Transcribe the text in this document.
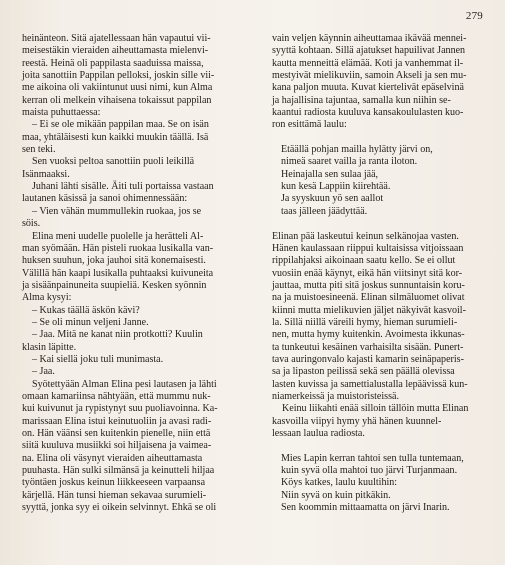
279
heinänteon. Sitä ajatellessaan hän vapautui vii-
meisestäkin vieraiden aiheuttamasta mielenvi-
reestä. Heinä oli pappilasta saaduissa maissa,
joita sanottiin Pappilan pelloksi, joskin sille vii-
me aikoina oli vakiintunut uusi nimi, kun Alma
kerran oli melkein vihaisena tokaissut pappilan
maista puhuttaessa:
– Ei se ole mikään pappilan maa. Se on isän
maa, yhtäläisesti kun kaikki muukin täällä. Isä
sen teki.
Sen vuoksi peltoa sanottiin puoli leikillä
Isänmaaksi.
Juhani lähti sisälle. Äiti tuli portaissa vastaan
lautanen käsissä ja sanoi ohimennessään:
– Vien vähän mummullekin ruokaa, jos se
söis.
Elina meni uudelle puolelle ja herätteli Al-
man syömään. Hän pisteli ruokaa lusikalla van-
huksen suuhun, joka jauhoi sitä konemaisesti.
Välillä hän kaapi lusikalla puhtaaksi kuivuneita
ja sisäänpainuneita suupieliä. Kesken syönnin
Alma kysyi:
– Kukas täällä äskön kävi?
– Se oli minun veljeni Janne.
– Jaa. Mitä ne kanat niin protkotti? Kuulin
klasin läpitte.
– Kai siellä joku tuli munimasta.
– Jaa.
Syötettyään Alman Elina pesi lautasen ja lähti
omaan kamariinsa nähtyään, että mummu nuk-
kui kuivunut ja rypistynyt suu puoliavoinna. Ka-
marissaan Elina istui keinutuoliin ja avasi radi-
on. Hän väänsi sen kuitenkin pienelle, niin että
siitä kuuluva musiikki soi hiljaisena ja vaimea-
na. Elina oli väsynyt vieraiden aiheuttamasta
puuhasta. Hän sulki silmänsä ja keinutteli hiljaa
työntäen joskus keinun liikkeeseen varpaansa
kärjellä. Hän tunsi hieman sekavaa surumieli-
syyttä, jonka syy ei oikein selvinnyt. Ehkä se oli
vain veljen käynnin aiheuttamaa ikävää mennei-
syyttä kohtaan. Sillä ajatukset hapuilivat Jannen
kautta menneittä elämää. Koti ja vanhemmat il-
mestyivät mielikuviin, samoin Akseli ja sen mu-
kana paljon muuta. Kuvat kiertelivät epäselvinä
ja hajallisina tajuntaa, samalla kun niihin se-
kaantui radiosta kuuluva kansakoululasten kuo-
ron esittämä laulu:
Etäällä pohjan mailla hylätty järvi on,
nimeä saaret vailla ja ranta iloton.
Heinajalla sen sulaa jää,
kun kesä Lappiin kiirehtää.
Ja syyskuun yö sen aallot
taas jälleen jäädyttää.
Elinan pää laskeutui keinun selkänojaa vasten.
Hänen kaulassaan riippui kultaisissa vitjoissaan
rippilahjaksi aikoinaan saatu kello. Se ei ollut
vuosiin enää käynyt, eikä hän viitsinyt sitä kor-
jauttaa, mutta piti sitä joskus sunnuntaisin koru-
na ja muistoesineenä. Elinan silmäluomet olivat
kiinni mutta mielikuvien jäljet näkyivät kasvoil-
la. Sillä niillä väreili hymy, hieman surumieli-
nen, mutta hymy kuitenkin. Avoimesta ikkunas-
ta tunkeutui kesäinen varhaisilta sisään. Punert-
tava auringonvalo kajasti kamarin seinäpaperis-
sa ja lipaston peilissä sekä sen päällä olevissa
lasten kuvissa ja samettialustalla lepäävissä kun-
niamerkeissä ja muistoristeissä.
Keinu liikahti enää silloin tällöin mutta Elinan
kasvoilla viipyi hymy yhä hänen kuunnel-
lessaan laulua radiosta.
Mies Lapin kerran tahtoi sen tulla tuntemaan,
kuin syvä olla mahtoi tuo järvi Turjanmaan.
Köys katkes, laulu kuultihin:
Niin syvä on kuin pitkäkin.
Sen koommin mittaamatta on järvi Inarin.
